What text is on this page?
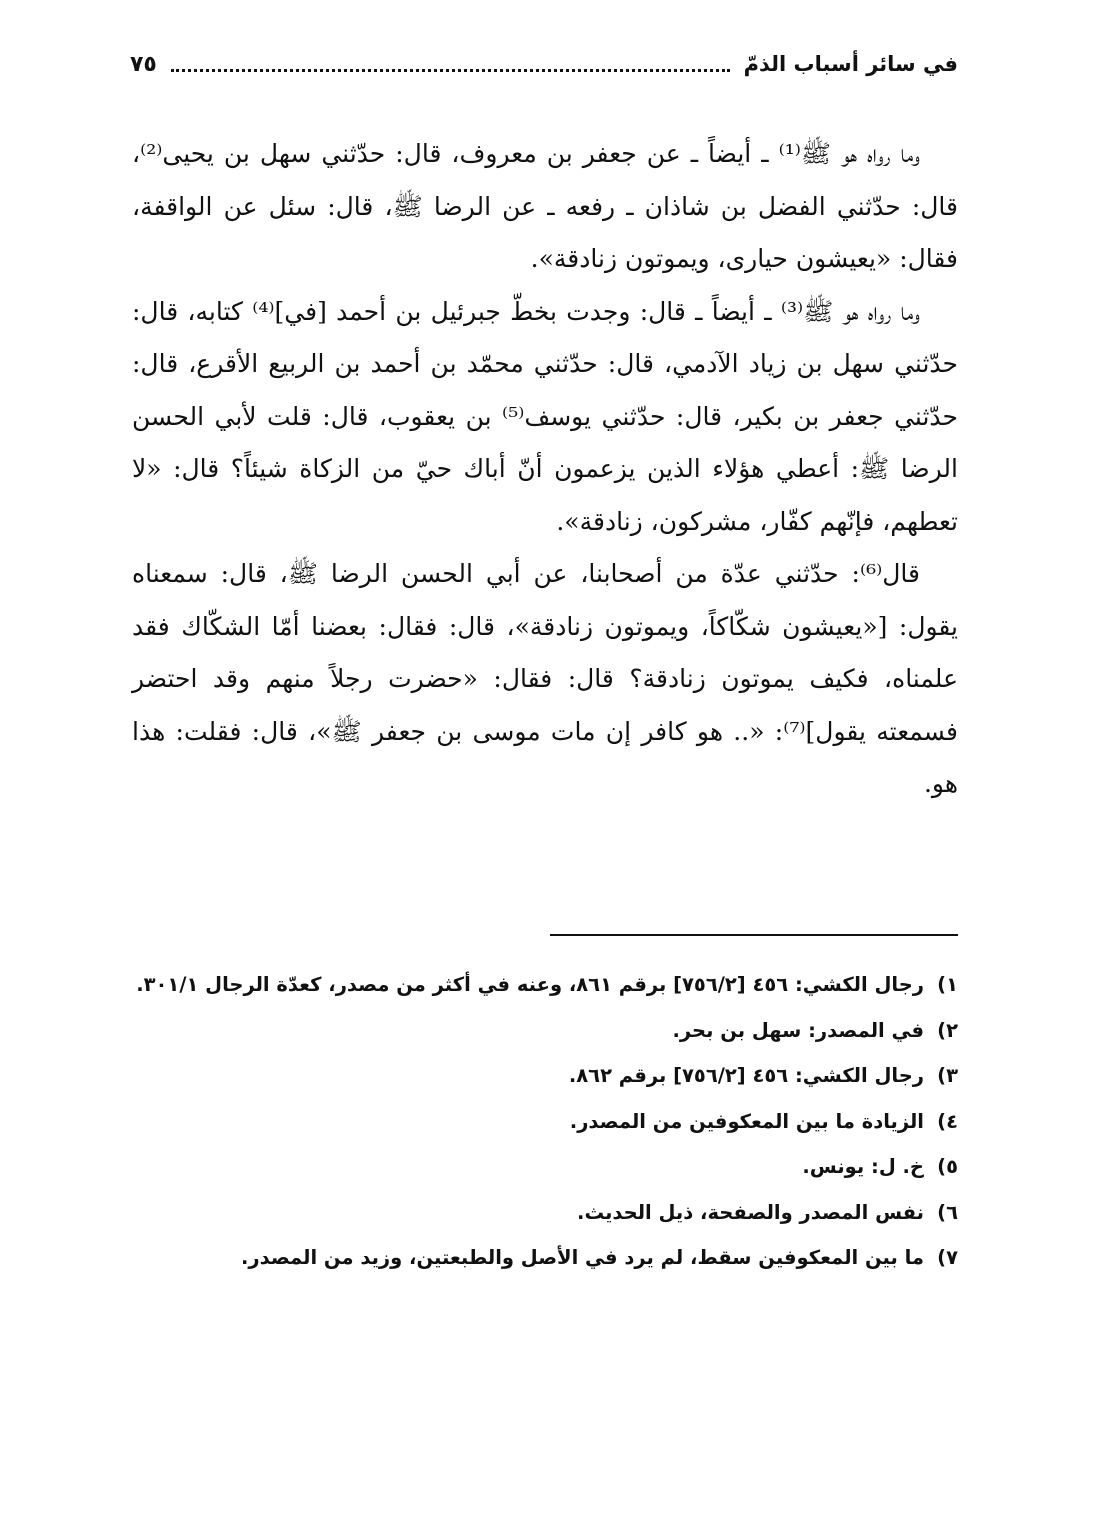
في سائر أسباب الذمّ
٧٥

وما رواه هو ﷺ⁽¹⁾ ـ أيضاً ـ عن جعفر بن معروف، قال: حدّثني سهل بن يحيى⁽²⁾، قال: حدّثني الفضل بن شاذان ـ رفعه ـ عن الرضا ﷺ، قال: سئل عن الواقفة، فقال: «يعيشون حيارى، ويموتون زنادقة».

وما رواه هو ﷺ⁽³⁾ ـ أيضاً ـ قال: وجدت بخطّ جبرئيل بن أحمد [في]⁽⁴⁾ كتابه، قال: حدّثني سهل بن زياد الآدمي، قال: حدّثني محمّد بن أحمد بن الربيع الأقرع، قال: حدّثني جعفر بن بكير، قال: حدّثني يوسف⁽⁵⁾ بن يعقوب، قال: قلت لأبي الحسن الرضا ﷺ: أعطي هؤلاء الذين يزعمون أنّ أباك حيّ من الزكاة شيئاً؟ قال: «لا تعطهم، فإنّهم كفّار، مشركون، زنادقة».

قال⁽⁶⁾: حدّثني عدّة من أصحابنا، عن أبي الحسن الرضا ﷺ، قال: سمعناه يقول: [«يعيشون شكّاكاً، ويموتون زنادقة»، قال: فقال: بعضنا أمّا الشكّاك فقد علمناه، فكيف يموتون زنادقة؟ قال: فقال: «حضرت رجلاً منهم وقد احتضر فسمعته يقول]⁽⁷⁾: «.. هو كافر إن مات موسى بن جعفر ﷺ»، قال: فقلت: هذا هو.

١)
رجال الكشي: ٤٥٦ [٧٥٦/٢] برقم ٨٦١، وعنه في أكثر من مصدر، كعدّة الرجال ٣٠١/١.
٢)
في المصدر: سهل بن بحر.
٣)
رجال الكشي: ٤٥٦ [٧٥٦/٢] برقم ٨٦٢.
٤)
الزيادة ما بين المعكوفين من المصدر.
٥)
خ. ل: يونس.
٦)
نفس المصدر والصفحة، ذيل الحديث.
٧)
ما بين المعكوفين سقط، لم يرد في الأصل والطبعتين، وزيد من المصدر.
